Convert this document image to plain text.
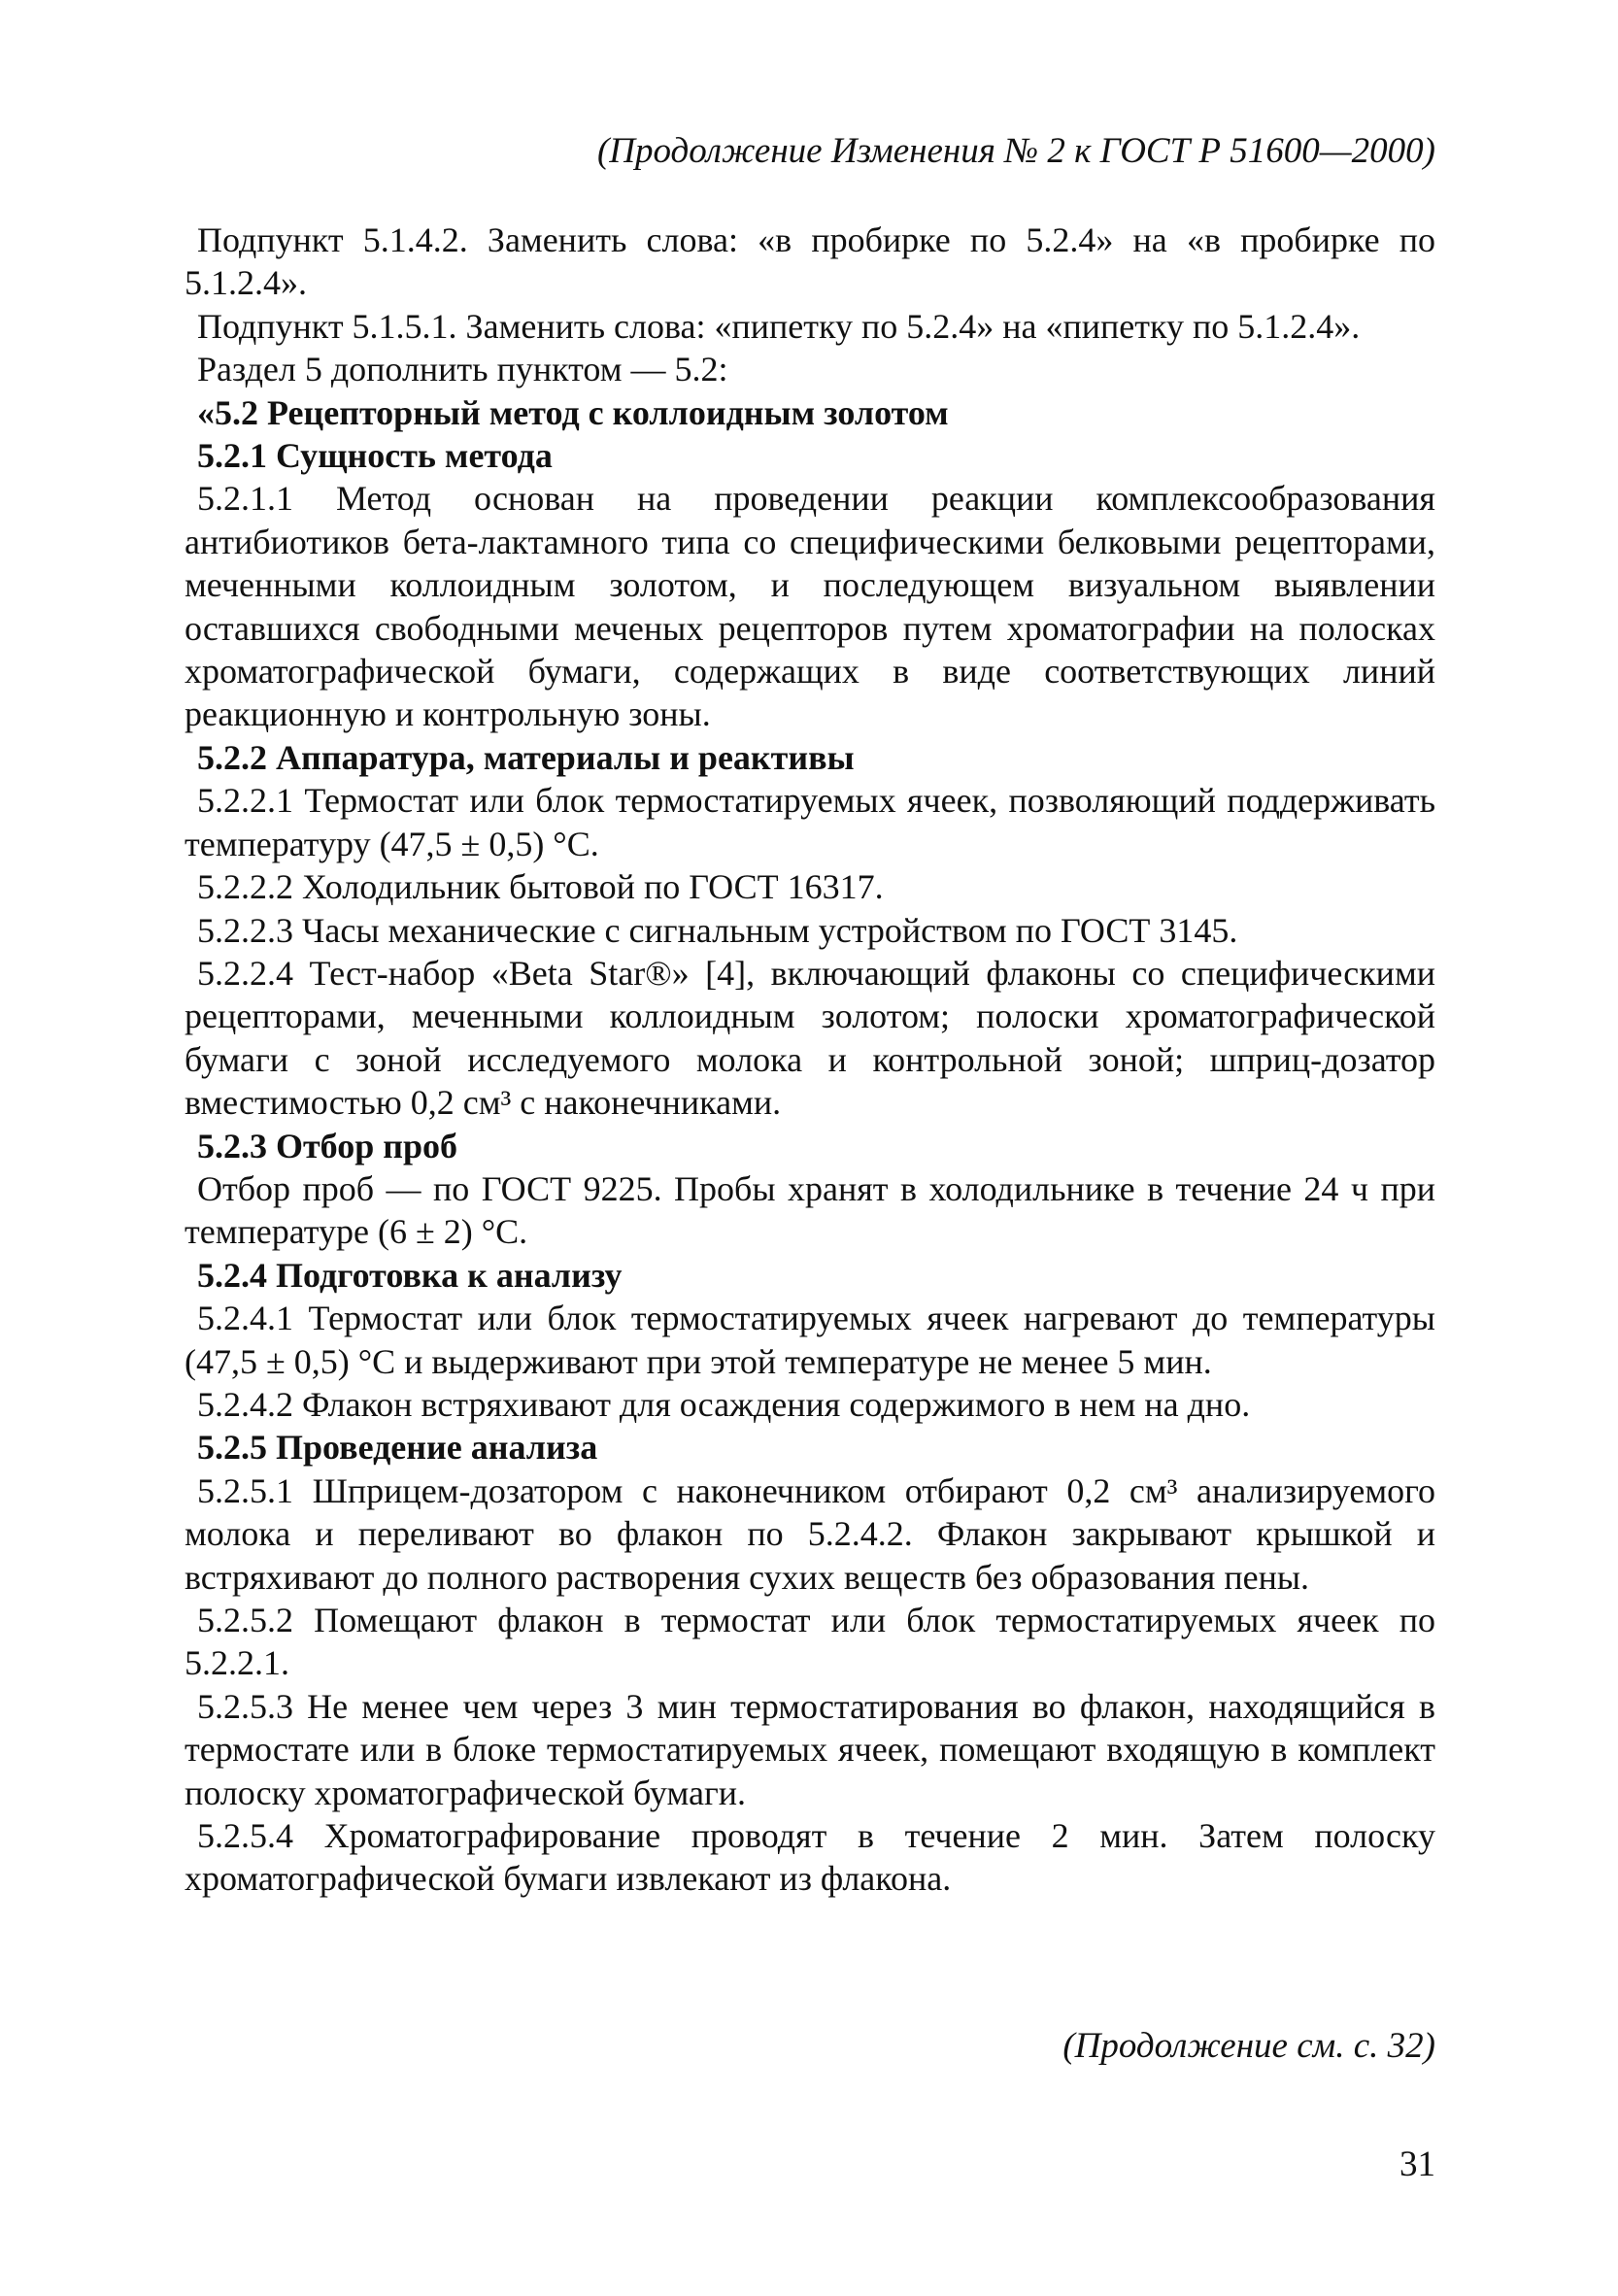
(Продолжение Изменения № 2 к ГОСТ Р 51600—2000)

Подпункт 5.1.4.2. Заменить слова: «в пробирке по 5.2.4» на «в пробирке по 5.1.2.4».

Подпункт 5.1.5.1. Заменить слова: «пипетку по 5.2.4» на «пипетку по 5.1.2.4».

Раздел 5 дополнить пунктом — 5.2:

«5.2 Рецепторный метод с коллоидным золотом

5.2.1 Сущность метода

5.2.1.1 Метод основан на проведении реакции комплексообразования антибиотиков бета-лактамного типа со специфическими белковыми рецепторами, меченными коллоидным золотом, и последующем визуальном выявлении оставшихся свободными меченых рецепторов путем хроматографии на полосках хроматографической бумаги, содержащих в виде соответствующих линий реакционную и контрольную зоны.

5.2.2 Аппаратура, материалы и реактивы

5.2.2.1 Термостат или блок термостатируемых ячеек, позволяющий поддерживать температуру (47,5 ± 0,5) °С.

5.2.2.2 Холодильник бытовой по ГОСТ 16317.

5.2.2.3 Часы механические с сигнальным устройством по ГОСТ 3145.

5.2.2.4 Тест-набор «Beta Star®» [4], включающий флаконы со специфическими рецепторами, меченными коллоидным золотом; полоски хроматографической бумаги с зоной исследуемого молока и контрольной зоной; шприц-дозатор вместимостью 0,2 см³ с наконечниками.

5.2.3 Отбор проб

Отбор проб — по ГОСТ 9225. Пробы хранят в холодильнике в течение 24 ч при температуре (6 ± 2) °С.

5.2.4 Подготовка к анализу

5.2.4.1 Термостат или блок термостатируемых ячеек нагревают до температуры (47,5 ± 0,5) °С и выдерживают при этой температуре не менее 5 мин.

5.2.4.2 Флакон встряхивают для осаждения содержимого в нем на дно.

5.2.5 Проведение анализа

5.2.5.1 Шприцем-дозатором с наконечником отбирают 0,2 см³ анализируемого молока и переливают во флакон по 5.2.4.2. Флакон закрывают крышкой и встряхивают до полного растворения сухих веществ без образования пены.

5.2.5.2 Помещают флакон в термостат или блок термостатируемых ячеек по 5.2.2.1.

5.2.5.3 Не менее чем через 3 мин термостатирования во флакон, находящийся в термостате или в блоке термостатируемых ячеек, помещают входящую в комплект полоску хроматографической бумаги.

5.2.5.4 Хроматографирование проводят в течение 2 мин. Затем полоску хроматографической бумаги извлекают из флакона.

(Продолжение см. с. 32)
31
